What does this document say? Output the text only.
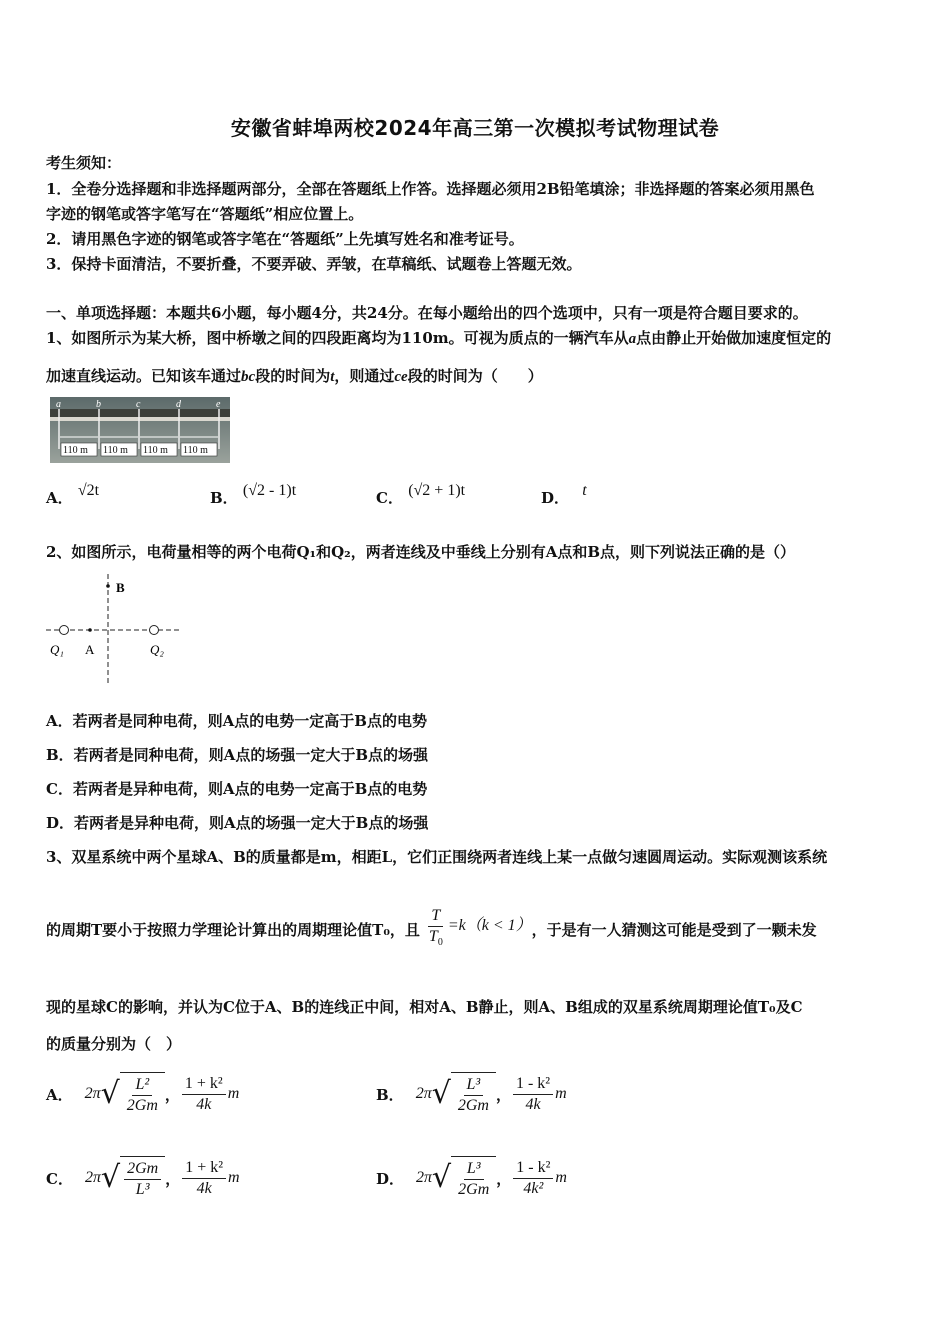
安徽省蚌埠两校2024年高三第一次模拟考试物理试卷
考生须知：
1．全卷分选择题和非选择题两部分，全部在答题纸上作答。选择题必须用2B铅笔填涂；非选择题的答案必须用黑色
字迹的钢笔或答字笔写在“答题纸”相应位置上。
2．请用黑色字迹的钢笔或答字笔在“答题纸”上先填写姓名和准考证号。
3．保持卡面清洁，不要折叠，不要弄破、弄皱，在草稿纸、试题卷上答题无效。
一、单项选择题：本题共6小题，每小题4分，共24分。在每小题给出的四个选项中，只有一项是符合题目要求的。
1、如图所示为某大桥，图中桥墩之间的四段距离均为110m。可视为质点的一辆汽车从a点由静止开始做加速度恒定的
加速直线运动。已知该车通过bc段的时间为t，则通过ce段的时间为（　　）
a	b	c	d	e
110 m 110 m 110 m 110 m
A． √2t	B． (√2 - 1)t	C． (√2 + 1)t	D． t
2、如图所示，电荷量相等的两个电荷Q₁和Q₂，两者连线及中垂线上分别有A点和B点，则下列说法正确的是（）
B
A
Q₁	Q₂
A．若两者是同种电荷，则A点的电势一定高于B点的电势
B．若两者是同种电荷，则A点的场强一定大于B点的场强
C．若两者是异种电荷，则A点的电势一定高于B点的电势
D．若两者是异种电荷，则A点的场强一定大于B点的场强
3、双星系统中两个星球A、B的质量都是m，相距L，它们正围绕两者连线上某一点做匀速圆周运动。实际观测该系统
的周期T要小于按照力学理论计算出的周期理论值T₀，且 $\frac{T}{T_0} =k(k < 1)$ ，于是有一人猜测这可能是受到了一颗未发
现的星球C的影响，并认为C位于A、B的连线正中间，相对A、B静止，则A、B组成的双星系统周期理论值T₀及C
的质量分别为（　）
A． 2π √ $\frac{\text{L²}}{2Gm}$ ， $\frac{\text{1 + k²}}{4k}$ m	B． 2π √ $\frac{\text{L³}}{2Gm}$ ， $\frac{\text{1 - k²}}{4k}$ m
C． 2π √ $\frac{2Gm}{\text{L³}}$ ， $\frac{\text{1 + k²}}{4k}$ m	D． 2π √ $\frac{\text{L³}}{2Gm}$ ， $\frac{\text{1 - k²}}{\text{4k²}}$ m
